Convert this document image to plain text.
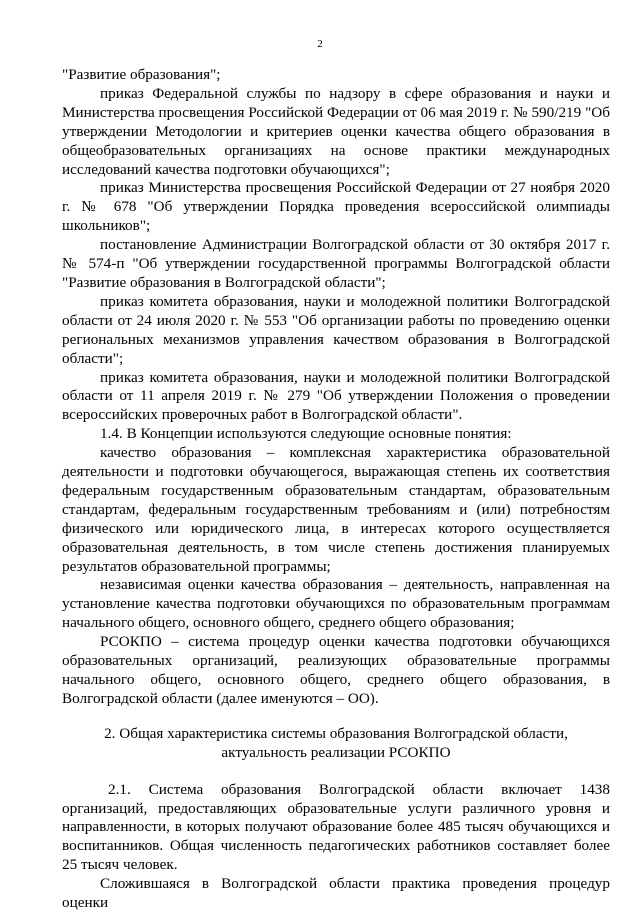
2

"Развитие образования";

приказ Федеральной службы по надзору в сфере образования и науки и Министерства просвещения Российской Федерации от 06 мая 2019 г. № 590/219 "Об утверждении Методологии и критериев оценки качества общего образования в общеобразовательных организациях на основе практики международных исследований качества подготовки обучающихся";

приказ Министерства просвещения Российской Федерации от 27 ноября 2020 г. № 678 "Об утверждении Порядка проведения всероссийской олимпиады школьников";

постановление Администрации Волгоградской области от 30 октября 2017 г. № 574-п "Об утверждении государственной программы Волгоградской области "Развитие образования в Волгоградской области";

приказ комитета образования, науки и молодежной политики Волгоградской области от 24 июля 2020 г. № 553 "Об организации работы по проведению оценки региональных механизмов управления качеством образования в Волгоградской области";

приказ комитета образования, науки и молодежной политики Волгоградской области от 11 апреля 2019 г. № 279 "Об утверждении Положения о проведении всероссийских проверочных работ в Волгоградской области".

1.4. В Концепции используются следующие основные понятия:

качество образования – комплексная характеристика образовательной деятельности и подготовки обучающегося, выражающая степень их соответствия федеральным государственным образовательным стандартам, образовательным стандартам, федеральным государственным требованиям и (или) потребностям физического или юридического лица, в интересах которого осуществляется образовательная деятельность, в том числе степень достижения планируемых результатов образовательной программы;

независимая оценки качества образования – деятельность, направленная на установление качества подготовки обучающихся по образовательным программам начального общего, основного общего, среднего общего образования;

РСОКПО – система процедур оценки качества подготовки обучающихся образовательных организаций, реализующих образовательные программы начального общего, основного общего, среднего общего образования, в Волгоградской области (далее именуются – ОО).

2. Общая характеристика системы образования Волгоградской области,
актуальность реализации РСОКПО

2.1. Система образования Волгоградской области включает 1438 организаций, предоставляющих образовательные услуги различного уровня и направленности, в которых получают образование более 485 тысяч обучающихся и воспитанников. Общая численность педагогических работников составляет более 25 тысяч человек.

Сложившаяся в Волгоградской области практика проведения процедур оценки
